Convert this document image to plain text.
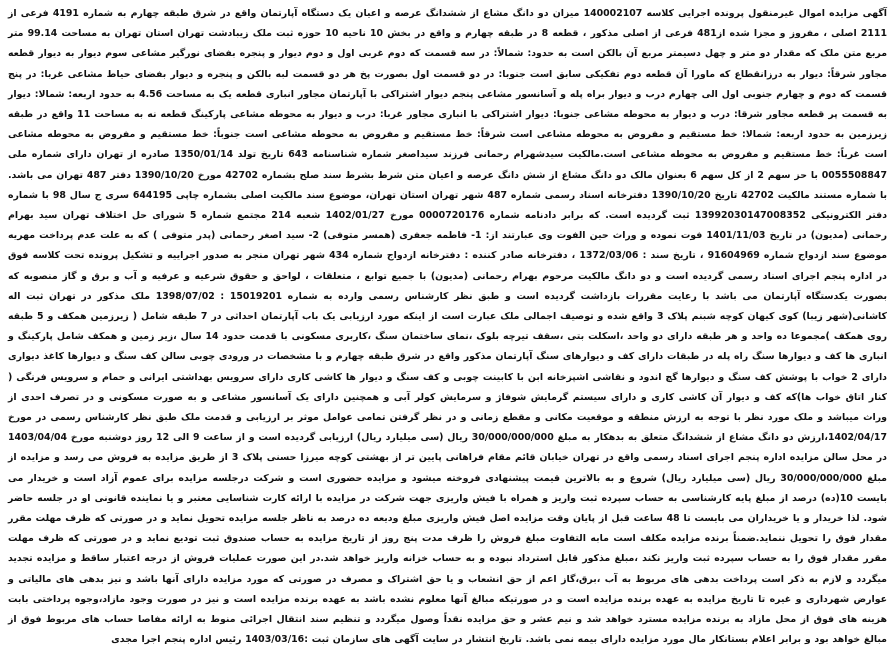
آگهی مزایده اموال غیرمنقول پرونده اجرایی کلاسه 140002107 میزان دو دانگ مشاع از ششدانگ عرصه و اعیان یک دستگاه آپارتمان واقع در شرق طبقه چهارم به شماره 4191 فرعی از 2111 اصلی ، مفروز و مجزا شده از481 فرعی از اصلی مذکور ، قطعه 8 در طبقه چهارم و واقع در بخش 10 ناحیه 10 حوزه ثبت ملک زیبادشت تهران استان تهران به مساحت 99.14 متر مربع متن ملک که مقدار دو متر و چهل دسیمتر مربع آن بالکن است به حدود: شمالاً: در سه قسمت که دوم غربی اول و دوم دیوار و پنجره بفضای نورگیر مشاعی سوم دیوار به دیوار قطعه مجاور شرقاً: دیوار به درزانقطاع که ماورا آن قطعه دوم تفکیکی سابق است جنوبا: در دو قسمت اول بصورت پخ هر دو قسمت لبه بالکن و پنجره و دیوار بفضای حیاط مشاعی غربا: در پنج قسمت که دوم و چهارم جنوبی اول الی چهارم درب و دیوار براه پله و آسانسور مشاعی پنجم دیوار اشتراکی با آپارتمان مجاور انباری قطعه یک به مساحت 4.56 به حدود اربعه: شمالا: دیوار به قسمت پر قطعه مجاور شرقا: درب و دیوار به محوطه مشاعی جنوبا: دیوار اشتراکی با انباری مجاور غربا: درب و دیوار به محوطه مشاعی پارکینگ قطعه نه به مساحت 11 واقع در طبقه زیرزمین به حدود اربعه: شمالا: خط مستقیم و مفروض به محوطه مشاعی است شرقاً: خط مستقیم و مفروض به محوطه مشاعی است جنوباً: خط مستقیم و مفروض به محوطه مشاعی است غرباً: خط مستقیم و مفروض به محوطه مشاعی است.مالکیت سیدشهرام رحمانی فرزند سیداصغر شماره شناسنامه 643 تاریخ تولد 1350/01/14 صادره از تهران دارای شماره ملی 0055508847 با حز سهم 2 از کل سهم 6 بعنوان مالک دو دانگ مشاع از شش دانگ عرصه و اعیان متن شرط بشرط سند صلح بشماره 42702 مورخ 1390/10/20 دفتر 487 تهران می باشد. با شماره مستند مالکیت 42702 تاریخ 1390/10/20 دفترخانه اسناد رسمی شماره 487 شهر تهران استان تهران، موضوع سند مالکیت اصلی بشماره چاپی 644195 سری ج سال 98 با شماره دفتر الکترونیکی 13992030147008352 ثبت گردیده است. که برابر دادنامه شماره 0000720176 مورخ 1402/01/27 شعبه 214 مجتمع شماره 5 شورای حل اختلاف تهران سید بهرام رحمانی (مدیون) در تاریخ 1401/11/03 فوت نموده و وراث حین الفوت وی عبارتند از: 1- فاطمه جعفری (همسر متوفی) 2- سید اصغر رحمانی (پدر متوفی ) که به علت عدم پرداخت مهریه موضوع سند ازدواج شماره 91604969 ، تاریخ سند : 1372/03/06 ، دفترخانه صادر کننده : دفترخانه ازدواج شماره 434 شهر تهران منجر به صدور اجراییه و تشکیل پرونده تحت کلاسه فوق در اداره پنجم اجرای اسناد رسمی گردیده است و دو دانگ مالکیت مرحوم بهرام رحمانی (مدیون) با جمیع توابع ، متعلقات ، لواحق و حقوق شرعیه و عرفیه و آب و برق و گاز منصوبه که بصورت یکدستگاه آپارتمان می باشد با رعایت مقررات بازداشت گردیده است و طبق نظر کارشناس رسمی وارده به شماره 15019201 : 1398/07/02 ملک مذکور در تهران ثبت اله کاشانی(شهر زیبا) کوی کیهان کوچه شبنم پلاک 3 واقع شده و توصیف اجمالی ملک عبارت است از اینکه مورد ارزیابی یک باب آپارتمان احداثی در 7 طبقه شامل ( زیرزمین همکف و 5 طبقه روی همکف )مجموعا ده واحد و هر طبقه دارای دو واحد ،اسکلت بتی ،سقف تیرچه بلوک ،نمای ساختمان سنگ ،کاربری مسکونی با قدمت حدود 14 سال ،زیر زمین و همکف شامل پارکینگ و انباری ها کف و دیوارها سنگ راه پله در طبقات دارای کف و دیوارهای سنگ آپارتمان مذکور واقع در شرق طبقه چهارم و با مشخصات در ورودی چوبی سالن کف سنگ و دیوارها کاغذ دیواری دارای 2 خواب با پوشش کف سنگ و دیوارها گچ اندود و نقاشی اشپزخانه ابن با کابینت چوبی و کف سنگ و دیوار ها کاشی کاری دارای سرویس بهداشتی ایرانی و حمام و سرویس فرنگی ( کنار اتاق خواب ها)که کف و دیوار آن کاشی کاری و دارای سیستم گرمایش شوفاژ و سرمایش کولر آبی و همچنین دارای یک آسانسور مشاعی و به صورت مسکونی و در تصرف احدی از وراث میباشد و ملک مورد نظر با توجه به ارزش منطقه و موقعیت مکانی و مقطع زمانی و در نظر گرفتن تمامی عوامل موثر بر ارزیابی و قدمت ملک طبق نظر کارشناس رسمی در مورخ 1402/04/17،ارزش دو دانگ مشاع از ششدانگ متعلق به بدهکار به مبلغ 30/000/000/000 ریال (سی میلیارد ریال) ارزیابی گردیده است و از ساعت 9 الی 12 روز دوشنبه مورخ 1403/04/04 در محل سالن مزایده اداره پنجم اجرای اسناد رسمی واقع در تهران خیابان قائم مقام فراهانی پایین تر از بهشتی کوچه میرزا حسنی پلاک 3 از طریق مزایده به فروش می رسد و مزایده از مبلغ 30/000/000/000 ریال (سی میلیارد ریال) شروع و به بالاترین قیمت پیشنهادی فروخته میشود و مزایده حضوری است و شرکت درجلسه مزایده برای عموم آزاد است و خریدار می بایست 10(ده) درصد از مبلغ پایه کارشناسی به حساب سپرده ثبت واریز و همراه با فیش واریزی جهت شرکت در مزایده با ارائه کارت شناسایی معتبر و یا نماینده قانونی او در جلسه حاضر شود. لذا خریدار و یا خریداران می بایست تا 48 ساعت قبل از پایان وقت مزایده اصل فیش واریزی مبلغ ودیعه ده درصد به ناظر جلسه مزایده تحویل نماید و در صورتی که ظرف مهلت مقرر مقدار فوق را تحویل ننماید.ضمناً برنده مزایده مکلف است مابه التفاوت مبلغ فروش را ظرف مدت پنج روز از تاریخ مزایده به حساب صندوق ثبت تودیع نماید و در صورتی که ظرف مهلت مقرر مقدار فوق را به حساب سپرده ثبت واریز نکند ،مبلغ مذکور قابل استرداد نبوده و به حساب خزانه واریز خواهد شد.در این صورت عملیات فروش از درجه اعتبار ساقط و مزایده تجدید میگردد و لازم به ذکر است پرداخت بدهی های مربوط به آب ،برق،گاز اعم از حق انشعاب و یا حق اشتراک و مصرف در صورتی که مورد مزایده دارای آنها باشد و نیز بدهی های مالیاتی و عوارض شهرداری و غیره تا تاریخ مزایده به عهده برنده مزایده است و در صورتیکه مبالغ آنها معلوم نشده باشد به عهده برنده مزایده است و نیز در صورت وجود مازاد،وجوه پرداختی بابت هزینه های فوق از محل مازاد به برنده مزایده مسترد خواهد شد و نیم عشر و حق مزایده نقداً وصول میگردد و تنظیم سند انتقال اجرائی منوط به ارائه مفاصا حساب های مربوط فوق از مبالغ خواهد بود و برابر اعلام بستانکار مال مورد مزایده دارای بیمه نمی باشد. تاریخ انتشار در سایت آگهی های سازمان ثبت :1403/03/16 رئیس اداره پنجم اجرا مجدی
